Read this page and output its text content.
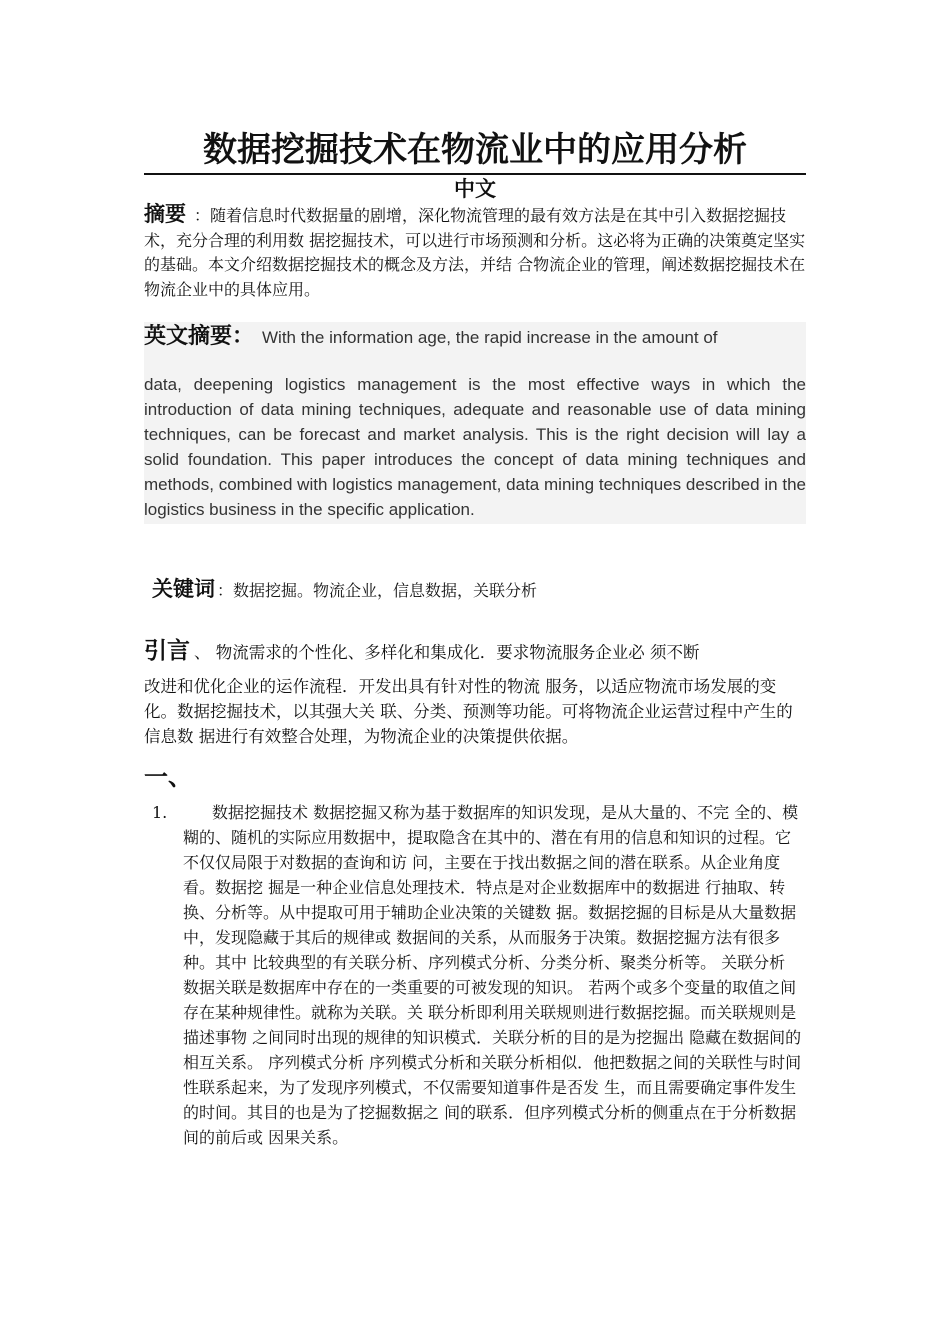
数据挖掘技术在物流业中的应用分析
中文
摘要 ：随着信息时代数据量的剧增，深化物流管理的最有效方法是在其中引入数据挖掘技术，充分合理的利用数 据挖掘技术，可以进行市场预测和分析。这必将为正确的决策奠定坚实的基础。本文介绍数据挖掘技术的概念及方法，并结 合物流企业的管理，阐述数据挖掘技术在物流企业中的具体应用。
英文摘要： With the information age, the rapid increase in the amount of
data, deepening logistics management is the most effective ways in which the introduction of data mining techniques, adequate and reasonable use of data mining techniques, can be forecast and market analysis. This is the right decision will lay a solid foundation. This paper introduces the concept of data mining techniques and methods, combined with logistics management, data mining techniques described in the logistics business in the specific application.
关键词 ：数据挖掘。物流企业，信息数据，关联分析
引言 、 物流需求的个性化、多样化和集成化．要求物流服务企业必 须不断
改进和优化企业的运作流程．开发出具有针对性的物流 服务，以适应物流市场发展的变化。数据挖掘技术，以其强大关 联、分类、预测等功能。可将物流企业运营过程中产生的信息数 据进行有效整合处理，为物流企业的决策提供依据。
一、
1.	数据挖掘技术 数据挖掘又称为基于数据库的知识发现，是从大量的、不完 全的、模糊的、随机的实际应用数据中，提取隐含在其中的、潜在有用的信息和知识的过程。它不仅仅局限于对数据的查询和访 问，主要在于找出数据之间的潜在联系。从企业角度看。数据挖 掘是一种企业信息处理技术．特点是对企业数据库中的数据进 行抽取、转换、分析等。从中提取可用于辅助企业决策的关键数 据。数据挖掘的目标是从大量数据中，发现隐藏于其后的规律或 数据间的关系，从而服务于决策。数据挖掘方法有很多种。其中 比较典型的有关联分析、序列模式分析、分类分析、聚类分析等。 关联分析 数据关联是数据库中存在的一类重要的可被发现的知识。 若两个或多个变量的取值之间存在某种规律性。就称为关联。关 联分析即利用关联规则进行数据挖掘。而关联规则是描述事物 之间同时出现的规律的知识模式．关联分析的目的是为挖掘出 隐藏在数据间的相互关系。 序列模式分析 序列模式分析和关联分析相似．他把数据之间的关联性与时间性联系起来，为了发现序列模式，不仅需要知道事件是否发 生，而且需要确定事件发生的时间。其目的也是为了挖掘数据之 间的联系．但序列模式分析的侧重点在于分析数据间的前后或 因果关系。
